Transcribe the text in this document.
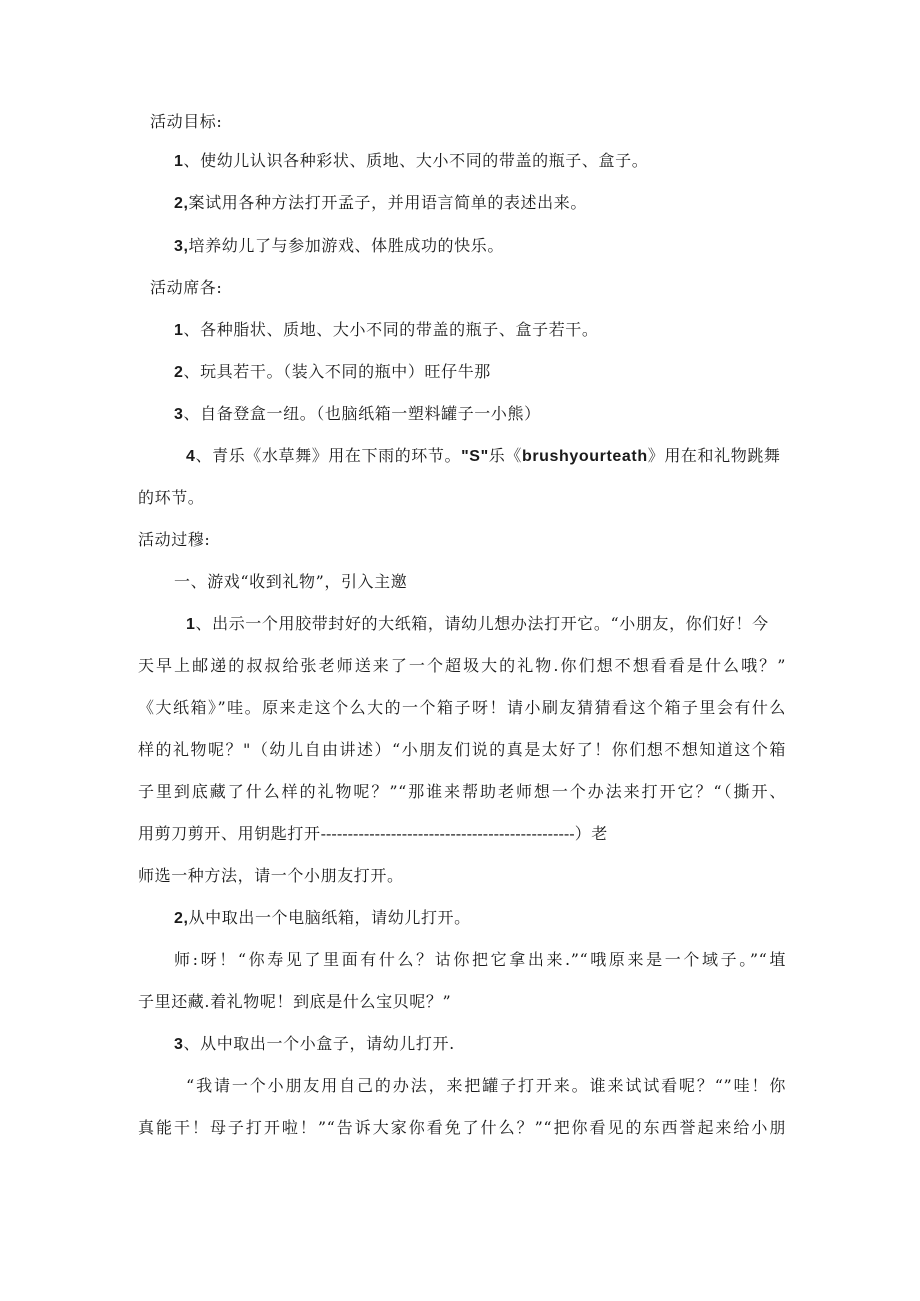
活动目标:
1、使幼儿认识各种彩状、质地、大小不同的带盖的瓶子、盒子。
2,案试用各种方法打开孟子，并用语言简单的表述出来。
3,培养幼儿了与参加游戏、体胜成功的快乐。
活动席各:
1、各种脂状、质地、大小不同的带盖的瓶子、盒子若干。
2、玩具若干。（装入不同的瓶中）旺仔牛那
3、自备登盒一纽。（也脑纸箱一塑料罐子一小熊）
4、青乐《水草舞》用在下雨的环节。"S"乐《brushyourteath》用在和礼物跳舞
的环节。
活动过穆:
一、游戏“收到礼物”，引入主邀
1、出示一个用胶带封好的大纸箱，请幼儿想办法打开它。“小朋友，你们好！今
天早上邮递的叔叔给张老师送来了一个超圾大的礼物.你们想不想看看是什么哦？”
《大纸箱》”哇。原来走这个么大的一个箱子呀！请小刷友猜猜看这个箱子里会有什么
样的礼物呢？"（幼儿自由讲述）“小朋友们说的真是太好了！你们想不想知道这个箱
子里到底藏了什么样的礼物呢？”“那谁来帮助老师想一个办法来打开它？“（撕开、
用剪刀剪开、用钥匙打开-----------------------------------------------）老
师选一种方法，请一个小朋友打开。
2,从中取出一个电脑纸箱，请幼儿打开。
师:呀！“你寿见了里面有什么？诂你把它拿出来.”“哦原来是一个域子。”“埴
子里还藏.着礼物呢！到底是什么宝贝呢？”
3、从中取出一个小盒子，请幼儿打开.
“我请一个小朋友用自己的办法，来把罐子打开来。谁来试试看呢？“”哇！你
真能干！母子打开啦！”“告诉大家你看免了什么？”“把你看见的东西誉起来给小朋
